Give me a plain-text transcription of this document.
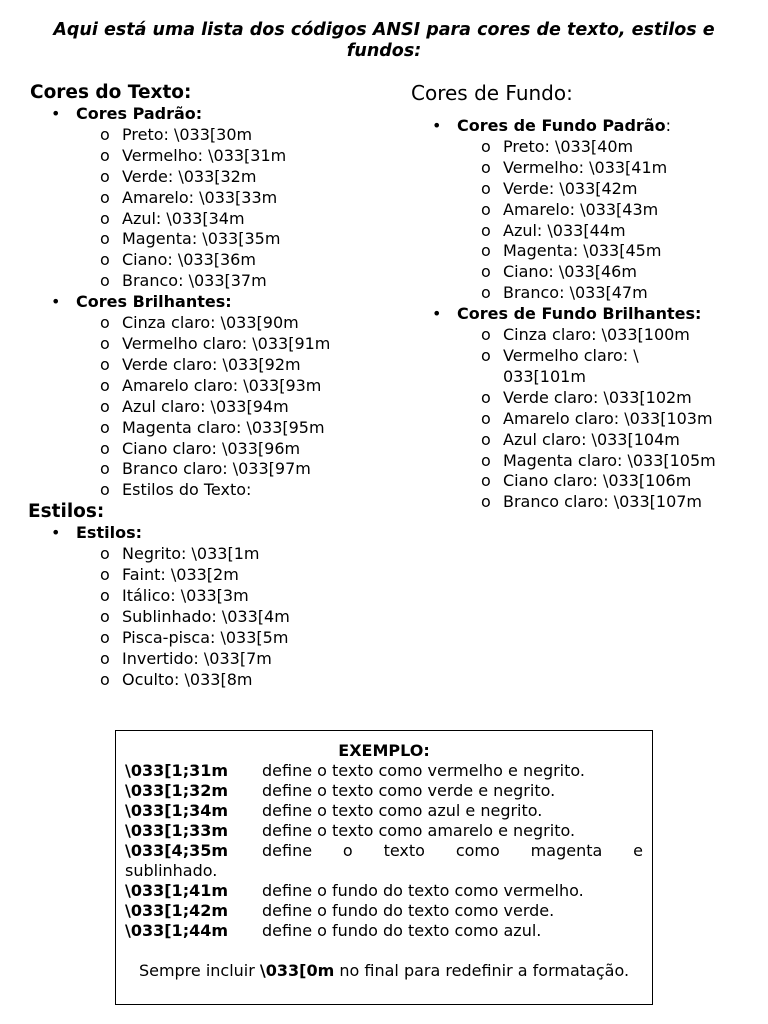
Aqui está uma lista dos códigos ANSI para cores de texto, estilos e fundos:
Cores do Texto:
• Cores Padrão:
o Preto: \033[30m
o Vermelho: \033[31m
o Verde: \033[32m
o Amarelo: \033[33m
o Azul: \033[34m
o Magenta: \033[35m
o Ciano: \033[36m
o Branco: \033[37m
• Cores Brilhantes:
o Cinza claro: \033[90m
o Vermelho claro: \033[91m
o Verde claro: \033[92m
o Amarelo claro: \033[93m
o Azul claro: \033[94m
o Magenta claro: \033[95m
o Ciano claro: \033[96m
o Branco claro: \033[97m
o Estilos do Texto:
Estilos:
• Estilos:
o Negrito: \033[1m
o Faint: \033[2m
o Itálico: \033[3m
o Sublinhado: \033[4m
o Pisca-pisca: \033[5m
o Invertido: \033[7m
o Oculto: \033[8m
Cores de Fundo:
• Cores de Fundo Padrão:
o Preto: \033[40m
o Vermelho: \033[41m
o Verde: \033[42m
o Amarelo: \033[43m
o Azul: \033[44m
o Magenta: \033[45m
o Ciano: \033[46m
o Branco: \033[47m
• Cores de Fundo Brilhantes:
o Cinza claro: \033[100m
o Vermelho claro: \
033[101m
o Verde claro: \033[102m
o Amarelo claro: \033[103m
o Azul claro: \033[104m
o Magenta claro: \033[105m
o Ciano claro: \033[106m
o Branco claro: \033[107m
EXEMPLO:
\033[1;31m	define o texto como vermelho e negrito.
\033[1;32m	define o texto como verde e negrito.
\033[1;34m	define o texto como azul e negrito.
\033[1;33m	define o texto como amarelo e negrito.
\033[4;35m	define o texto como magenta e
sublinhado.
\033[1;41m	define o fundo do texto como vermelho.
\033[1;42m	define o fundo do texto como verde.
\033[1;44m	define o fundo do texto como azul.
Sempre incluir \033[0m no final para redefinir a formatação.
